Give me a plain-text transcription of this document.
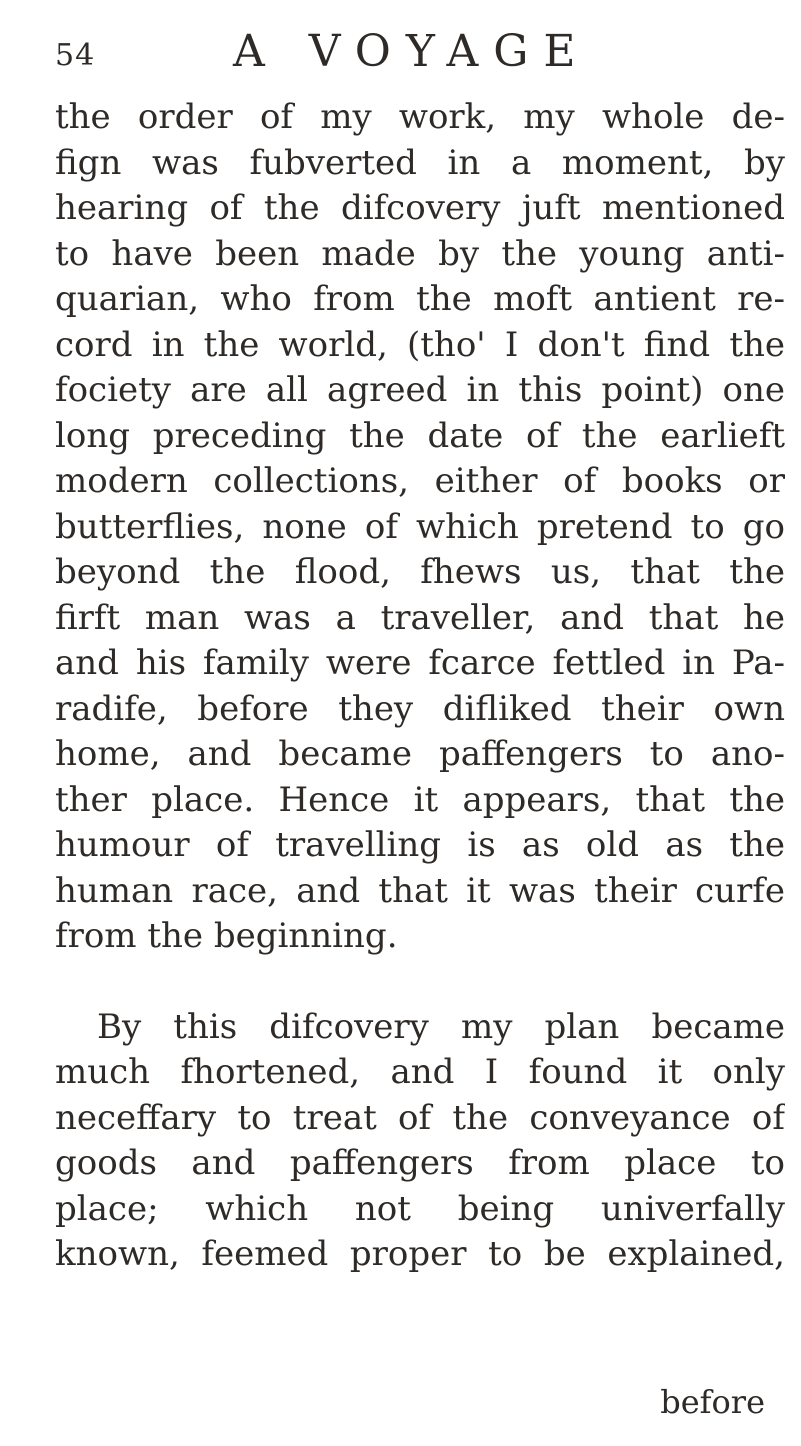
54	A VOYAGE
the order of my work, my whole de-
fign was fubverted in a moment, by
hearing of the difcovery juft mentioned
to have been made by the young anti-
quarian, who from the moft antient re-
cord in the world, (tho' I don't find the
fociety are all agreed in this point) one
long preceding the date of the earlieft
modern collections, either of books or
butterflies, none of which pretend to go
beyond the flood, fhews us, that the
firft man was a traveller, and that he
and his family were fcarce fettled in Pa-
radife, before they difliked their own
home, and became paffengers to ano-
ther place. Hence it appears, that the
humour of travelling is as old as the
human race, and that it was their curfe
from the beginning.
By this difcovery my plan became
much fhortened, and I found it only
neceffary to treat of the conveyance of
goods and paffengers from place to
place; which not being univerfally
known, feemed proper to be explained,
before
